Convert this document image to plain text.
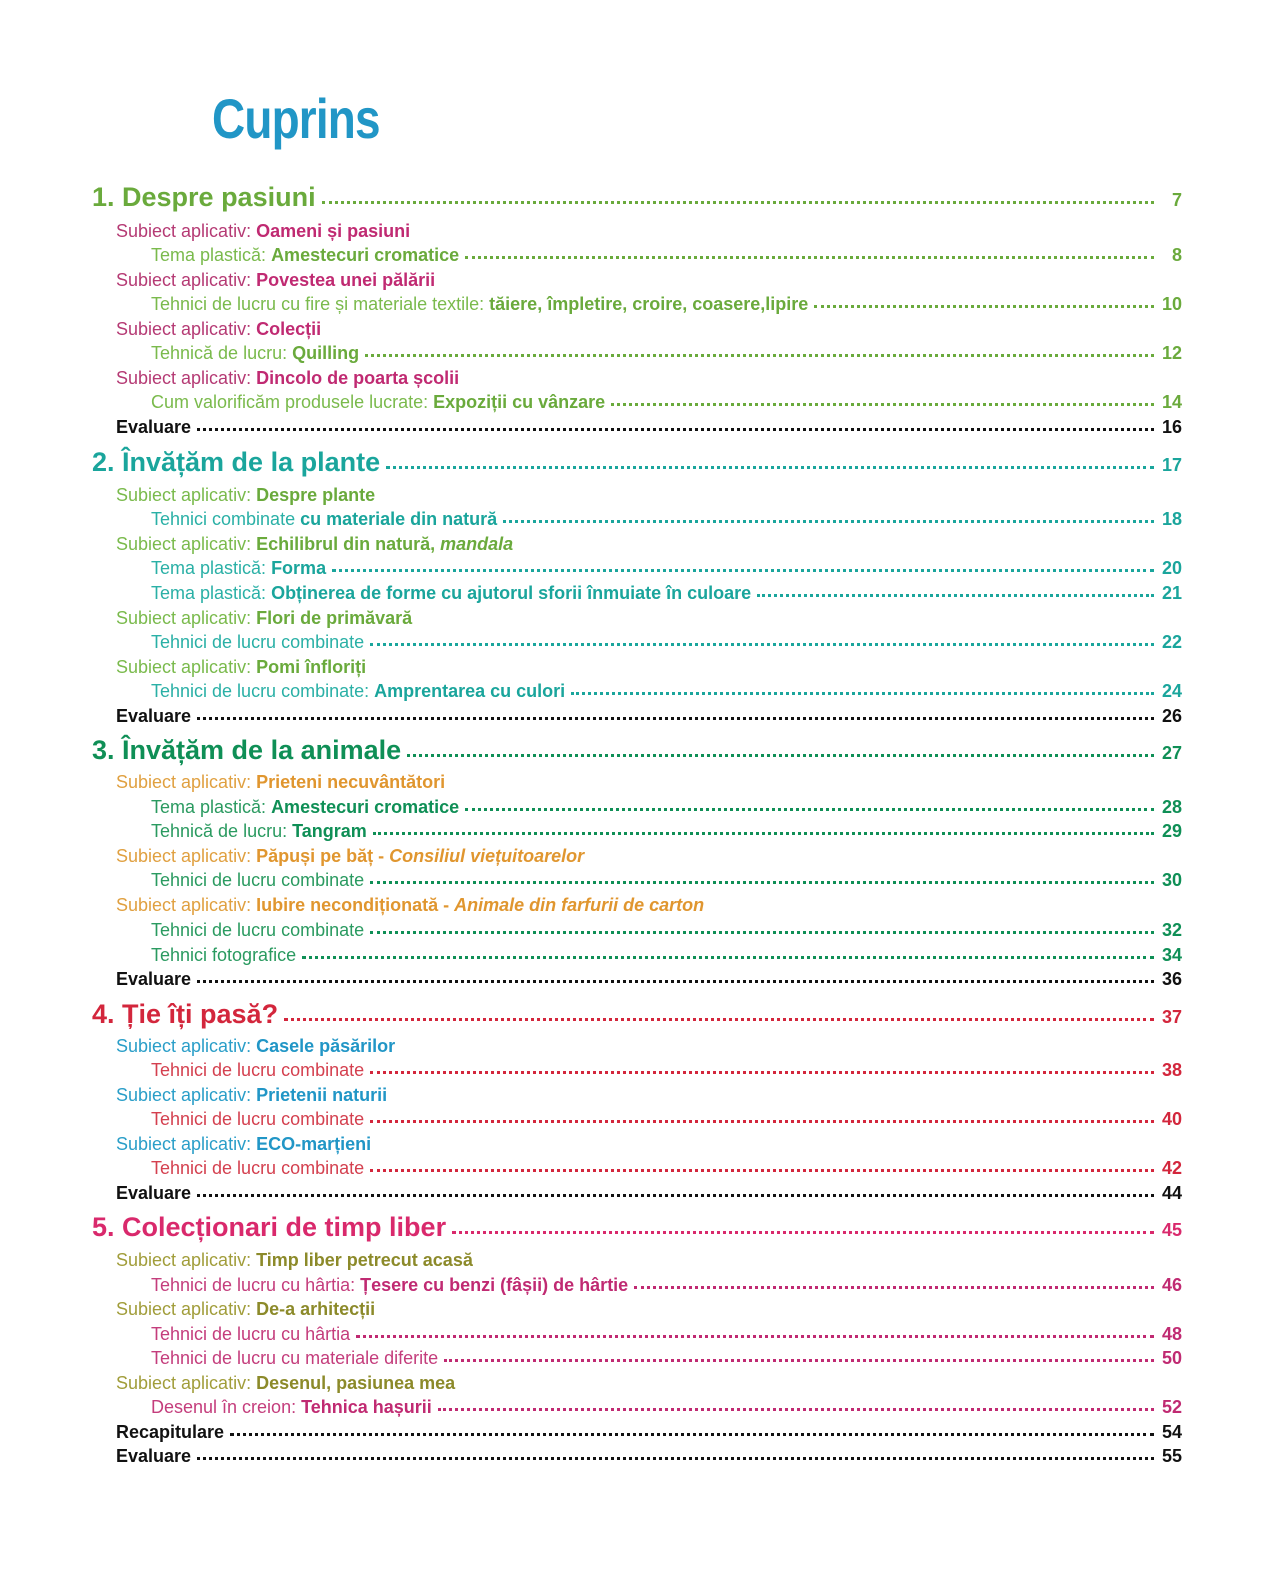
Cuprins
1. Despre pasiuni	7
Subiect aplicativ: Oameni și pasiuni
Tema plastică: Amestecuri cromatice	8
Subiect aplicativ: Povestea unei pălării
Tehnici de lucru cu fire și materiale textile: tăiere, împletire, croire, coasere,lipire	10
Subiect aplicativ: Colecții
Tehnică de lucru: Quilling	12
Subiect aplicativ: Dincolo de poarta școlii
Cum valorificăm produsele lucrate: Expoziții cu vânzare	14
Evaluare	16
2. Învățăm de la plante	17
Subiect aplicativ: Despre plante
Tehnici combinate cu materiale din natură	18
Subiect aplicativ: Echilibrul din natură, mandala
Tema plastică: Forma	20
Tema plastică: Obținerea de forme cu ajutorul sforii înmuiate în culoare	21
Subiect aplicativ: Flori de primăvară
Tehnici de lucru combinate	22
Subiect aplicativ: Pomi înfloriți
Tehnici de lucru combinate: Amprentarea cu culori	24
Evaluare	26
3. Învățăm de la animale	27
Subiect aplicativ: Prieteni necuvântători
Tema plastică: Amestecuri cromatice	28
Tehnică de lucru: Tangram	29
Subiect aplicativ: Păpuși pe băț - Consiliul viețuitoarelor
Tehnici de lucru combinate	30
Subiect aplicativ: Iubire necondiționată - Animale din farfurii de carton
Tehnici de lucru combinate	32
Tehnici fotografice	34
Evaluare	36
4. Ție îți pasă?	37
Subiect aplicativ: Casele păsărilor
Tehnici de lucru combinate	38
Subiect aplicativ: Prietenii naturii
Tehnici de lucru combinate	40
Subiect aplicativ: ECO-marțieni
Tehnici de lucru combinate	42
Evaluare	44
5. Colecționari de timp liber	45
Subiect aplicativ: Timp liber petrecut acasă
Tehnici de lucru cu hârtia: Țesere cu benzi (fâșii) de hârtie	46
Subiect aplicativ: De-a arhitecții
Tehnici de lucru cu hârtia	48
Tehnici de lucru cu materiale diferite	50
Subiect aplicativ: Desenul, pasiunea mea
Desenul în creion: Tehnica hașurii	52
Recapitulare	54
Evaluare	55
